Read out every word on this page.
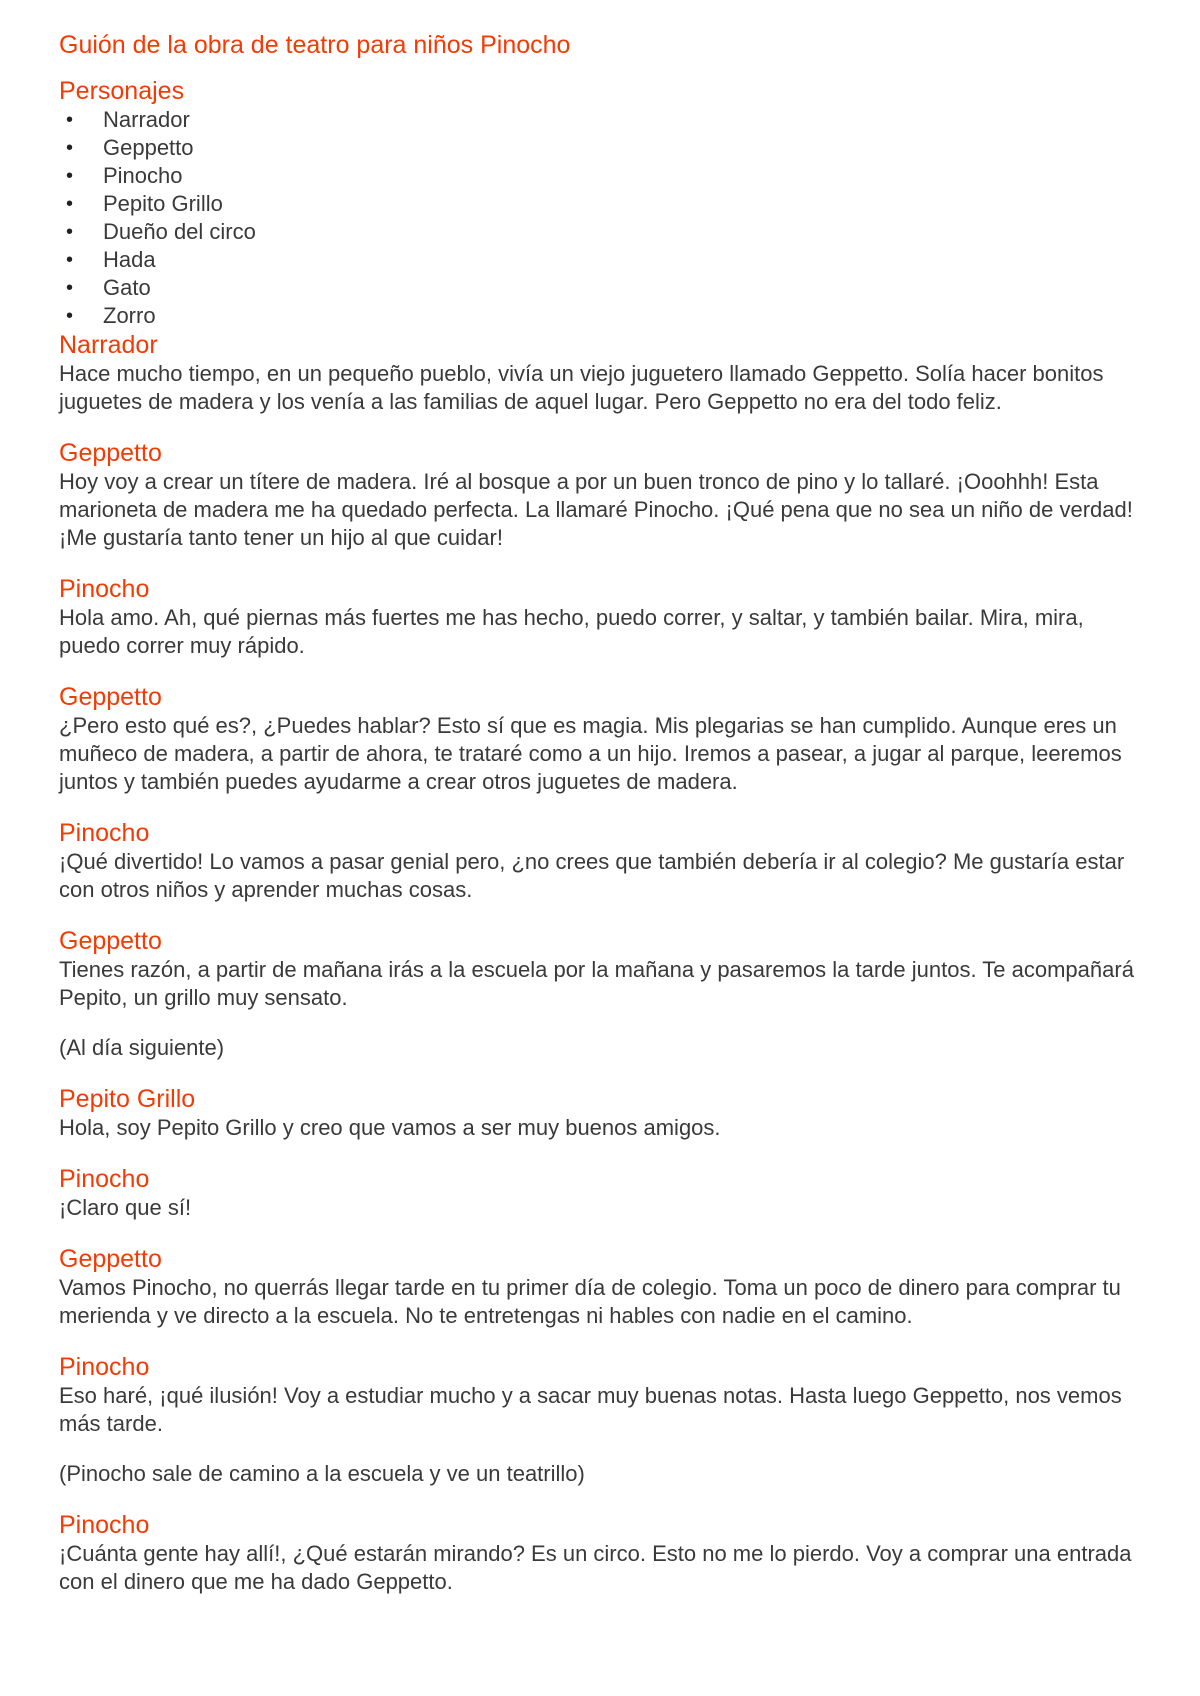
Guión de la obra de teatro para niños Pinocho
Personajes
• Narrador
• Geppetto
• Pinocho
• Pepito Grillo
• Dueño del circo
• Hada
• Gato
• Zorro
Narrador

Hace mucho tiempo, en un pequeño pueblo, vivía un viejo juguetero llamado Geppetto. Solía hacer bonitos juguetes de madera y los venía a las familias de aquel lugar. Pero Geppetto no era del todo feliz.

Geppetto

Hoy voy a crear un títere de madera. Iré al bosque a por un buen tronco de pino y lo tallaré. ¡Ooohhh! Esta marioneta de madera me ha quedado perfecta. La llamaré Pinocho. ¡Qué pena que no sea un niño de verdad! ¡Me gustaría tanto tener un hijo al que cuidar!

Pinocho

Hola amo. Ah, qué piernas más fuertes me has hecho, puedo correr, y saltar, y también bailar. Mira, mira, puedo correr muy rápido.

Geppetto

¿Pero esto qué es?, ¿Puedes hablar? Esto sí que es magia. Mis plegarias se han cumplido. Aunque eres un muñeco de madera, a partir de ahora, te trataré como a un hijo. Iremos a pasear, a jugar al parque, leeremos juntos y también puedes ayudarme a crear otros juguetes de madera.

Pinocho

¡Qué divertido! Lo vamos a pasar genial pero, ¿no crees que también debería ir al colegio? Me gustaría estar con otros niños y aprender muchas cosas.

Geppetto

Tienes razón, a partir de mañana irás a la escuela por la mañana y pasaremos la tarde juntos. Te acompañará Pepito, un grillo muy sensato.

(Al día siguiente)

Pepito Grillo

Hola, soy Pepito Grillo y creo que vamos a ser muy buenos amigos.

Pinocho

¡Claro que sí!

Geppetto

Vamos Pinocho, no querrás llegar tarde en tu primer día de colegio. Toma un poco de dinero para comprar tu merienda y ve directo a la escuela. No te entretengas ni hables con nadie en el camino.

Pinocho

Eso haré, ¡qué ilusión! Voy a estudiar mucho y a sacar muy buenas notas. Hasta luego Geppetto, nos vemos más tarde.

(Pinocho sale de camino a la escuela y ve un teatrillo)

Pinocho

¡Cuánta gente hay allí!, ¿Qué estarán mirando? Es un circo. Esto no me lo pierdo. Voy a comprar una entrada con el dinero que me ha dado Geppetto.
